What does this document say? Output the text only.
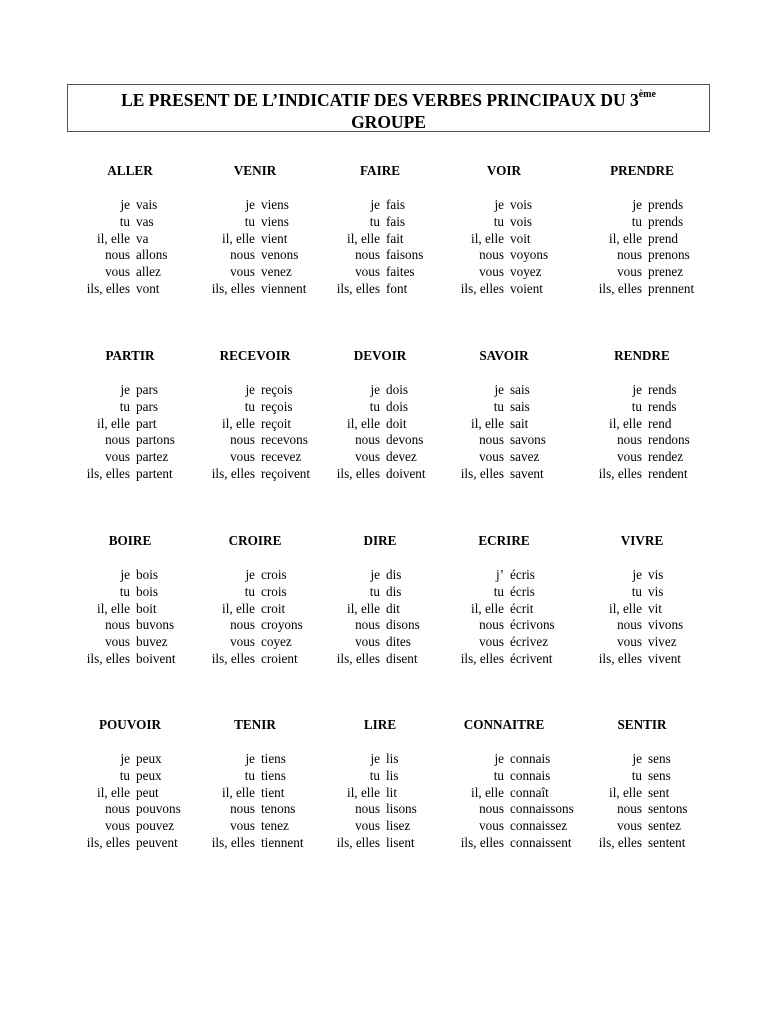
LE PRESENT DE L’INDICATIF DES VERBES PRINCIPAUX DU 3ème
GROUPE
ALLER
je vais
tu vas
il, elle va
nous allons
vous allez
ils, elles vont
VENIR
je viens
tu viens
il, elle vient
nous venons
vous venez
ils, elles viennent
FAIRE
je fais
tu fais
il, elle fait
nous faisons
vous faites
ils, elles font
VOIR
je vois
tu vois
il, elle voit
nous voyons
vous voyez
ils, elles voient
PRENDRE
je prends
tu prends
il, elle prend
nous prenons
vous prenez
ils, elles prennent
PARTIR
je pars
tu pars
il, elle part
nous partons
vous partez
ils, elles partent
RECEVOIR
je reçois
tu reçois
il, elle reçoit
nous recevons
vous recevez
ils, elles reçoivent
DEVOIR
je dois
tu dois
il, elle doit
nous devons
vous devez
ils, elles doivent
SAVOIR
je sais
tu sais
il, elle sait
nous savons
vous savez
ils, elles savent
RENDRE
je rends
tu rends
il, elle rend
nous rendons
vous rendez
ils, elles rendent
BOIRE
je bois
tu bois
il, elle boit
nous buvons
vous buvez
ils, elles boivent
CROIRE
je crois
tu crois
il, elle croit
nous croyons
vous coyez
ils, elles croient
DIRE
je dis
tu dis
il, elle dit
nous disons
vous dites
ils, elles disent
ECRIRE
j’ écris
tu écris
il, elle écrit
nous écrivons
vous écrivez
ils, elles écrivent
VIVRE
je vis
tu vis
il, elle vit
nous vivons
vous vivez
ils, elles vivent
POUVOIR
je peux
tu peux
il, elle peut
nous pouvons
vous pouvez
ils, elles peuvent
TENIR
je tiens
tu tiens
il, elle tient
nous tenons
vous tenez
ils, elles tiennent
LIRE
je lis
tu lis
il, elle lit
nous lisons
vous lisez
ils, elles lisent
CONNAITRE
je connais
tu connais
il, elle connaît
nous connaissons
vous connaissez
ils, elles connaissent
SENTIR
je sens
tu sens
il, elle sent
nous sentons
vous sentez
ils, elles sentent
